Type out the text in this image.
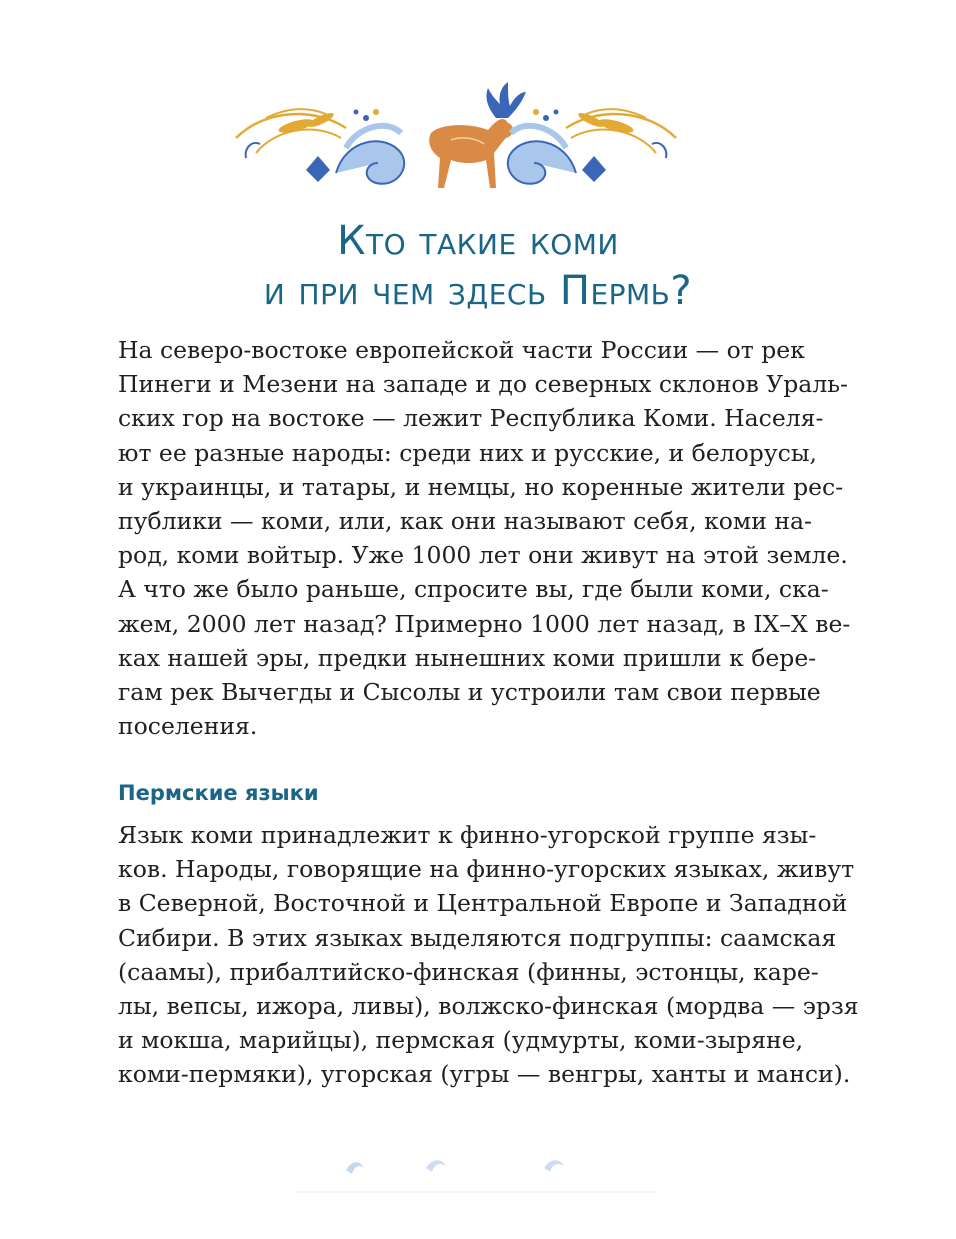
Кто такие коми
и при чем здесь Пермь?

На северо-востоке европейской части России — от рек
Пинеги и Мезени на западе и до северных склонов Ураль-
ских гор на востоке — лежит Республика Коми. Населя-
ют ее разные народы: среди них и русские, и белорусы,
и украинцы, и татары, и немцы, но коренные жители рес-
публики — коми, или, как они называют себя, коми на-
род, коми войтыр. Уже 1000 лет они живут на этой земле.
А что же было раньше, спросите вы, где были коми, ска-
жем, 2000 лет назад? Примерно 1000 лет назад, в IX–X ве-
ках нашей эры, предки нынешних коми пришли к бере-
гам рек Вычегды и Сысолы и устроили там свои первые
поселения.

Пермские языки

Язык коми принадлежит к финно-угорской группе язы-
ков. Народы, говорящие на финно-угорских языках, живут
в Северной, Восточной и Центральной Европе и Западной
Сибири. В этих языках выделяются подгруппы: саамская
(саамы), прибалтийско-финская (финны, эстонцы, каре-
лы, вепсы, ижора, ливы), волжско-финская (мордва — эрзя
и мокша, марийцы), пермская (удмурты, коми-зыряне,
коми-пермяки), угорская (угры — венгры, ханты и манси).
